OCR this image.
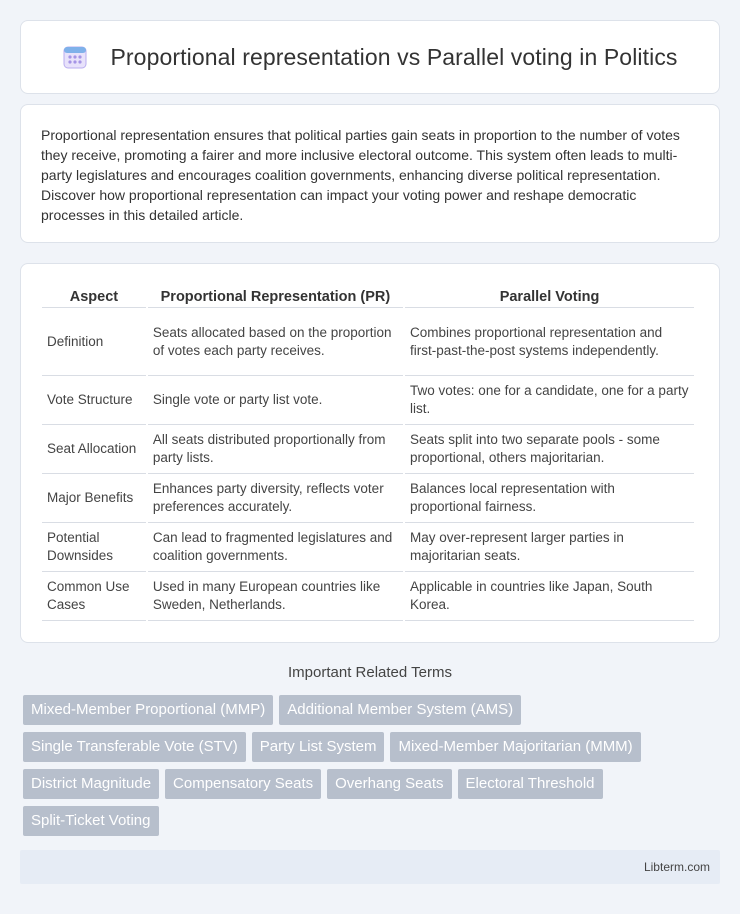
Proportional representation vs Parallel voting in Politics

Proportional representation ensures that political parties gain seats in proportion to the number of votes they receive, promoting a fairer and more inclusive electoral outcome. This system often leads to multi-party legislatures and encourages coalition governments, enhancing diverse political representation. Discover how proportional representation can impact your voting power and reshape democratic processes in this detailed article.

Aspect	Proportional Representation (PR)	Parallel Voting
Definition	Seats allocated based on the proportion of votes each party receives.	Combines proportional representation and first-past-the-post systems independently.
Vote Structure	Single vote or party list vote.	Two votes: one for a candidate, one for a party list.
Seat Allocation	All seats distributed proportionally from party lists.	Seats split into two separate pools - some proportional, others majoritarian.
Major Benefits	Enhances party diversity, reflects voter preferences accurately.	Balances local representation with proportional fairness.
Potential Downsides	Can lead to fragmented legislatures and coalition governments.	May over-represent larger parties in majoritarian seats.
Common Use Cases	Used in many European countries like Sweden, Netherlands.	Applicable in countries like Japan, South Korea.
Important Related Terms
Mixed-Member Proportional (MMP)	Additional Member System (AMS)
Single Transferable Vote (STV)	Party List System	Mixed-Member Majoritarian (MMM)
District Magnitude	Compensatory Seats	Overhang Seats	Electoral Threshold
Split-Ticket Voting
Libterm.com
